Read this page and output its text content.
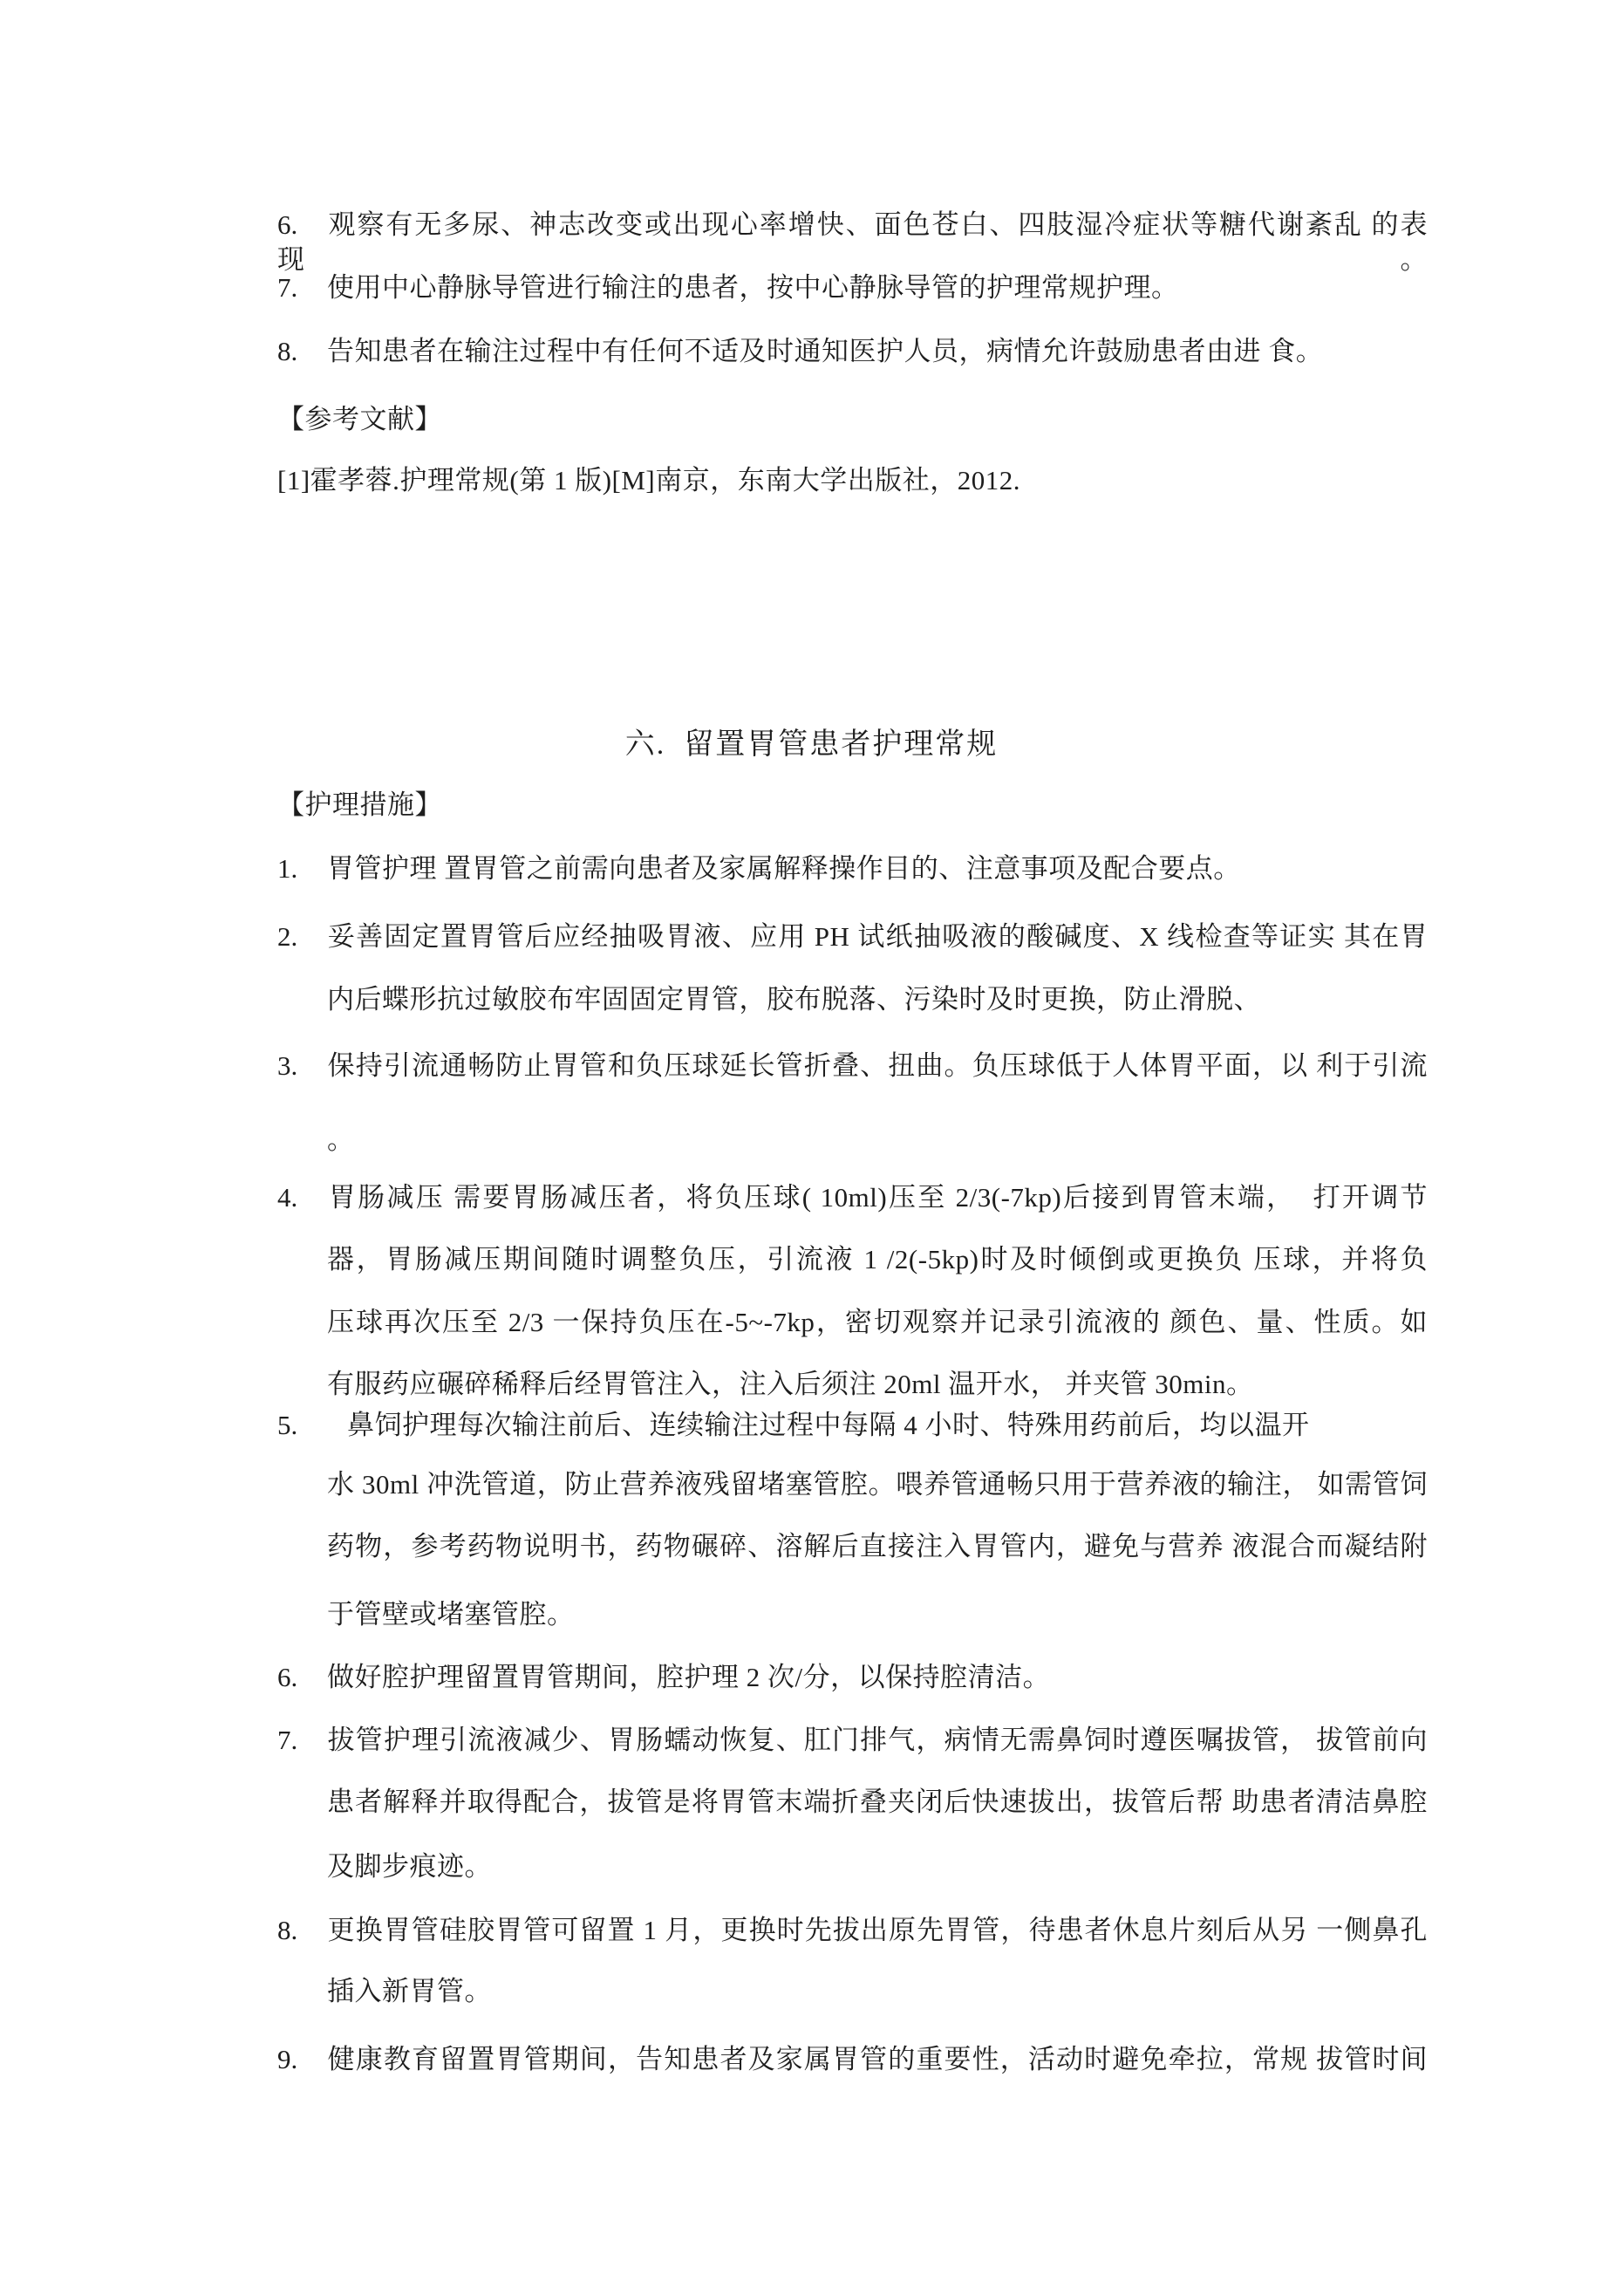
6. 观察有无多尿、神志改变或出现心率增快、面色苍白、四肢湿冷症状等糖代谢紊乱 的表现。
7. 使用中心静脉导管进行输注的患者，按中心静脉导管的护理常规护理。
8. 告知患者在输注过程中有任何不适及时通知医护人员，病情允许鼓励患者由进 食。
【参考文献】
[1]霍孝蓉.护理常规(第 1 版)[M]南京，东南大学出版社，2012.
六.  留置胃管患者护理常规
【护理措施】
1. 胃管护理 置胃管之前需向患者及家属解释操作目的、注意事项及配合要点。
2. 妥善固定置胃管后应经抽吸胃液、应用 PH 试纸抽吸液的酸碱度、X 线检查等证实 其在胃
内后蝶形抗过敏胶布牢固固定胃管，胶布脱落、污染时及时更换，防止滑脱、
3. 保持引流通畅防止胃管和负压球延长管折叠、扭曲。负压球低于人体胃平面，以 利于引流
。
4. 胃肠减压 需要胃肠减压者，将负压球( 10ml)压至 2/3(-7kp)后接到胃管末端，  打开调节
器，胃肠减压期间随时调整负压，引流液 1 /2(-5kp)时及时倾倒或更换负 压球，并将负
压球再次压至 2/3 一保持负压在-5~-7kp，密切观察并记录引流液的 颜色、量、性质。如
有服药应碾碎稀释后经胃管注入，注入后须注 20ml 温开水， 并夹管 30min。
5. 鼻饲护理每次输注前后、连续输注过程中每隔 4 小时、特殊用药前后，均以温开
水 30ml 冲洗管道，防止营养液残留堵塞管腔。喂养管通畅只用于营养液的输注， 如需管饲
药物，参考药物说明书，药物碾碎、溶解后直接注入胃管内，避免与营养 液混合而凝结附
于管壁或堵塞管腔。
6. 做好腔护理留置胃管期间，腔护理 2 次/分，以保持腔清洁。
7. 拔管护理引流液减少、胃肠蠕动恢复、肛门排气，病情无需鼻饲时遵医嘱拔管， 拔管前向
患者解释并取得配合，拔管是将胃管末端折叠夹闭后快速拔出，拔管后帮 助患者清洁鼻腔
及脚步痕迹。
8. 更换胃管硅胶胃管可留置 1 月，更换时先拔出原先胃管，待患者休息片刻后从另 一侧鼻孔
插入新胃管。
9. 健康教育留置胃管期间，告知患者及家属胃管的重要性，活动时避免牵拉，常规 拔管时间
